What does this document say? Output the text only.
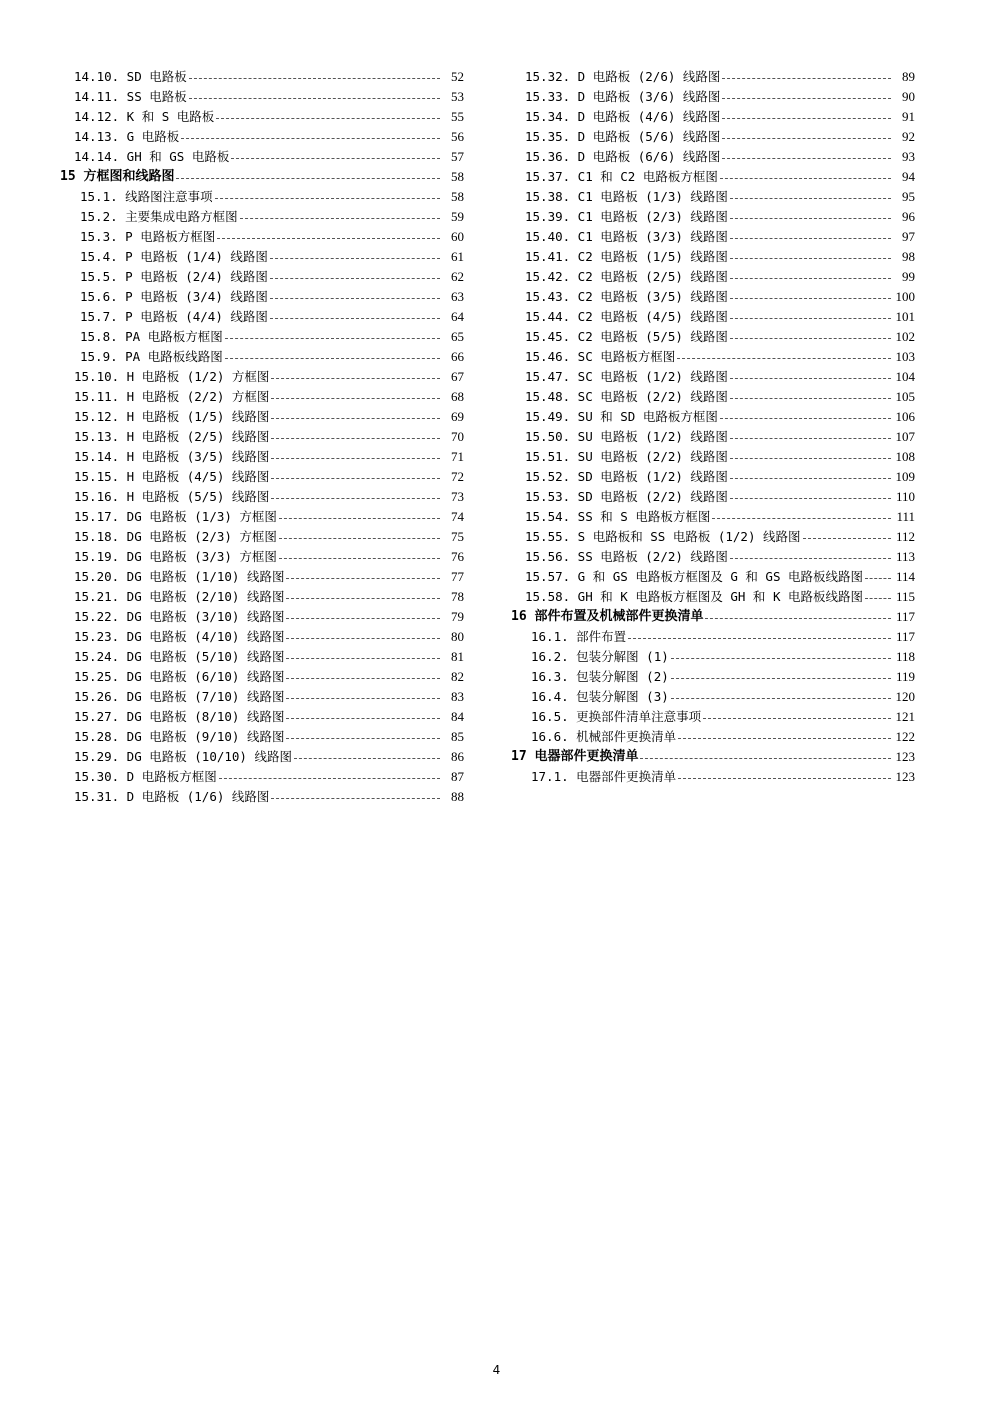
14.10. SD 电路板	52
14.11. SS 电路板	53
14.12. K 和 S 电路板	55
14.13. G 电路板	56
14.14. GH 和 GS 电路板	57
15 方框图和线路图	58
15.1. 线路图注意事项	58
15.2. 主要集成电路方框图	59
15.3. P 电路板方框图	60
15.4. P 电路板 (1/4) 线路图	61
15.5. P 电路板 (2/4) 线路图	62
15.6. P 电路板 (3/4) 线路图	63
15.7. P 电路板 (4/4) 线路图	64
15.8. PA 电路板方框图	65
15.9. PA 电路板线路图	66
15.10. H 电路板 (1/2) 方框图	67
15.11. H 电路板 (2/2) 方框图	68
15.12. H 电路板 (1/5) 线路图	69
15.13. H 电路板 (2/5) 线路图	70
15.14. H 电路板 (3/5) 线路图	71
15.15. H 电路板 (4/5) 线路图	72
15.16. H 电路板 (5/5) 线路图	73
15.17. DG 电路板 (1/3) 方框图	74
15.18. DG 电路板 (2/3) 方框图	75
15.19. DG 电路板 (3/3) 方框图	76
15.20. DG 电路板 (1/10) 线路图	77
15.21. DG 电路板 (2/10) 线路图	78
15.22. DG 电路板 (3/10) 线路图	79
15.23. DG 电路板 (4/10) 线路图	80
15.24. DG 电路板 (5/10) 线路图	81
15.25. DG 电路板 (6/10) 线路图	82
15.26. DG 电路板 (7/10) 线路图	83
15.27. DG 电路板 (8/10) 线路图	84
15.28. DG 电路板 (9/10) 线路图	85
15.29. DG 电路板 (10/10) 线路图	86
15.30. D 电路板方框图	87
15.31. D 电路板 (1/6) 线路图	88
15.32. D 电路板 (2/6) 线路图	89
15.33. D 电路板 (3/6) 线路图	90
15.34. D 电路板 (4/6) 线路图	91
15.35. D 电路板 (5/6) 线路图	92
15.36. D 电路板 (6/6) 线路图	93
15.37. C1 和 C2 电路板方框图	94
15.38. C1 电路板 (1/3) 线路图	95
15.39. C1 电路板 (2/3) 线路图	96
15.40. C1 电路板 (3/3) 线路图	97
15.41. C2 电路板 (1/5) 线路图	98
15.42. C2 电路板 (2/5) 线路图	99
15.43. C2 电路板 (3/5) 线路图	100
15.44. C2 电路板 (4/5) 线路图	101
15.45. C2 电路板 (5/5) 线路图	102
15.46. SC 电路板方框图	103
15.47. SC 电路板 (1/2) 线路图	104
15.48. SC 电路板 (2/2) 线路图	105
15.49. SU 和 SD 电路板方框图	106
15.50. SU 电路板 (1/2) 线路图	107
15.51. SU 电路板 (2/2) 线路图	108
15.52. SD 电路板 (1/2) 线路图	109
15.53. SD 电路板 (2/2) 线路图	110
15.54. SS 和 S 电路板方框图	111
15.55. S 电路板和 SS 电路板 (1/2) 线路图	112
15.56. SS 电路板 (2/2) 线路图	113
15.57. G 和 GS 电路板方框图及 G 和 GS 电路板线路图	114
15.58. GH 和 K 电路板方框图及 GH 和 K 电路板线路图	115
16 部件布置及机械部件更换清单	117
16.1. 部件布置	117
16.2. 包装分解图 (1)	118
16.3. 包装分解图 (2)	119
16.4. 包装分解图 (3)	120
16.5. 更换部件清单注意事项	121
16.6. 机械部件更换清单	122
17 电器部件更换清单	123
17.1. 电器部件更换清单	123
4
